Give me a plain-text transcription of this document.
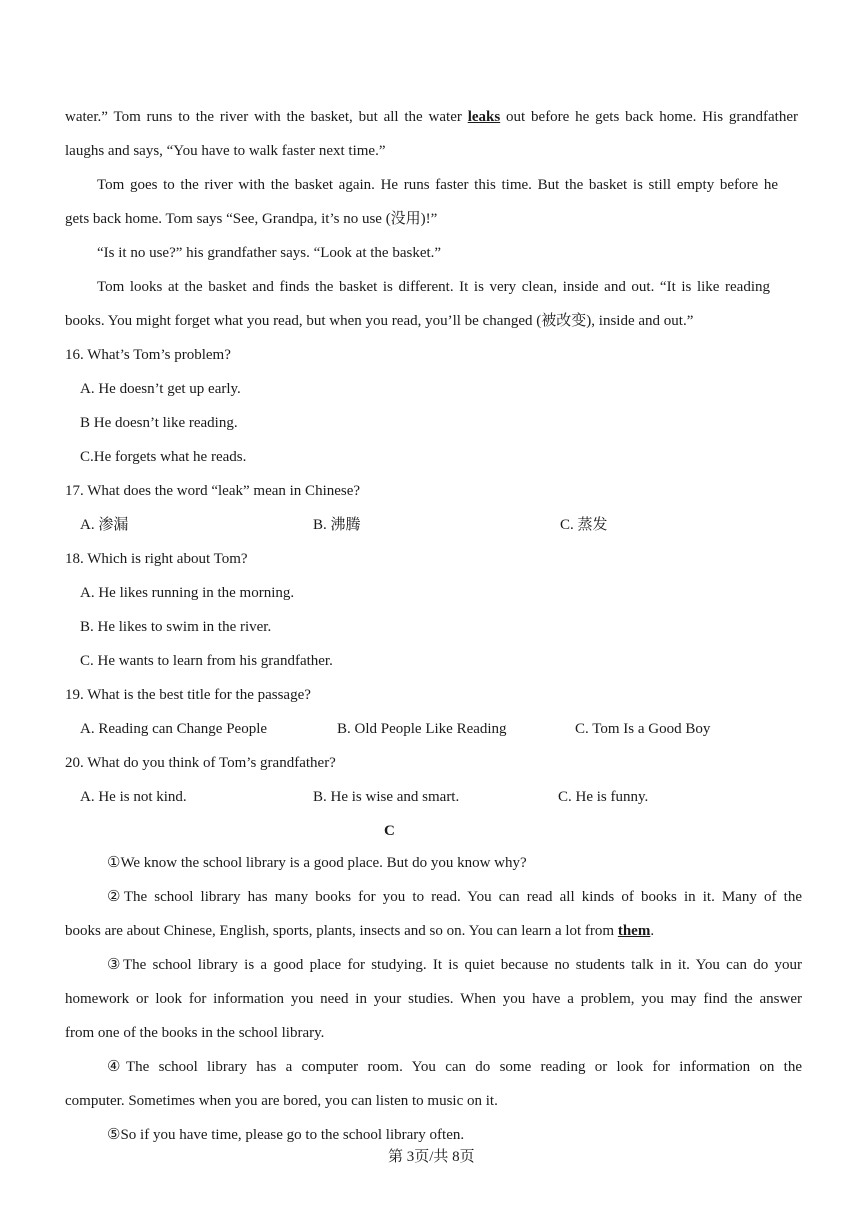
water.” Tom runs to the river with the basket, but all the water leaks out before he gets back home. His grandfather
laughs and says, “You have to walk faster next time.”
Tom goes to the river with the basket again. He runs faster this time. But the basket is still empty before he
gets back home. Tom says “See, Grandpa, it’s no use (没用)!”
“Is it no use?” his grandfather says. “Look at the basket.”
Tom looks at the basket and finds the basket is different. It is very clean, inside and out. “It is like reading
books. You might forget what you read, but when you read, you’ll be changed (被改变), inside and out.”
16. What’s Tom’s problem?
A. He doesn’t get up early.
B He doesn’t like reading.
C.He forgets what he reads.
17. What does the word “leak” mean in Chinese?
A. 渗漏	B. 沸腾	C. 蒸发
18. Which is right about Tom?
A. He likes running in the morning.
B. He likes to swim in the river.
C. He wants to learn from his grandfather.
19. What is the best title for the passage?
A. Reading can Change People	B. Old People Like Reading	C. Tom Is a Good Boy
20. What do you think of Tom’s grandfather?
A. He is not kind.	B. He is wise and smart.	C. He is funny.
C
①We know the school library is a good place. But do you know why?
②The school library has many books for you to read. You can read all kinds of books in it. Many of the
books are about Chinese, English, sports, plants, insects and so on. You can learn a lot from them.
③The school library is a good place for studying. It is quiet because no students talk in it. You can do your
homework or look for information you need in your studies. When you have a problem, you may find the answer
from one of the books in the school library.
④The school library has a computer room. You can do some reading or look for information on the
computer. Sometimes when you are bored, you can listen to music on it.
⑤So if you have time, please go to the school library often.
第 3页/共 8页
